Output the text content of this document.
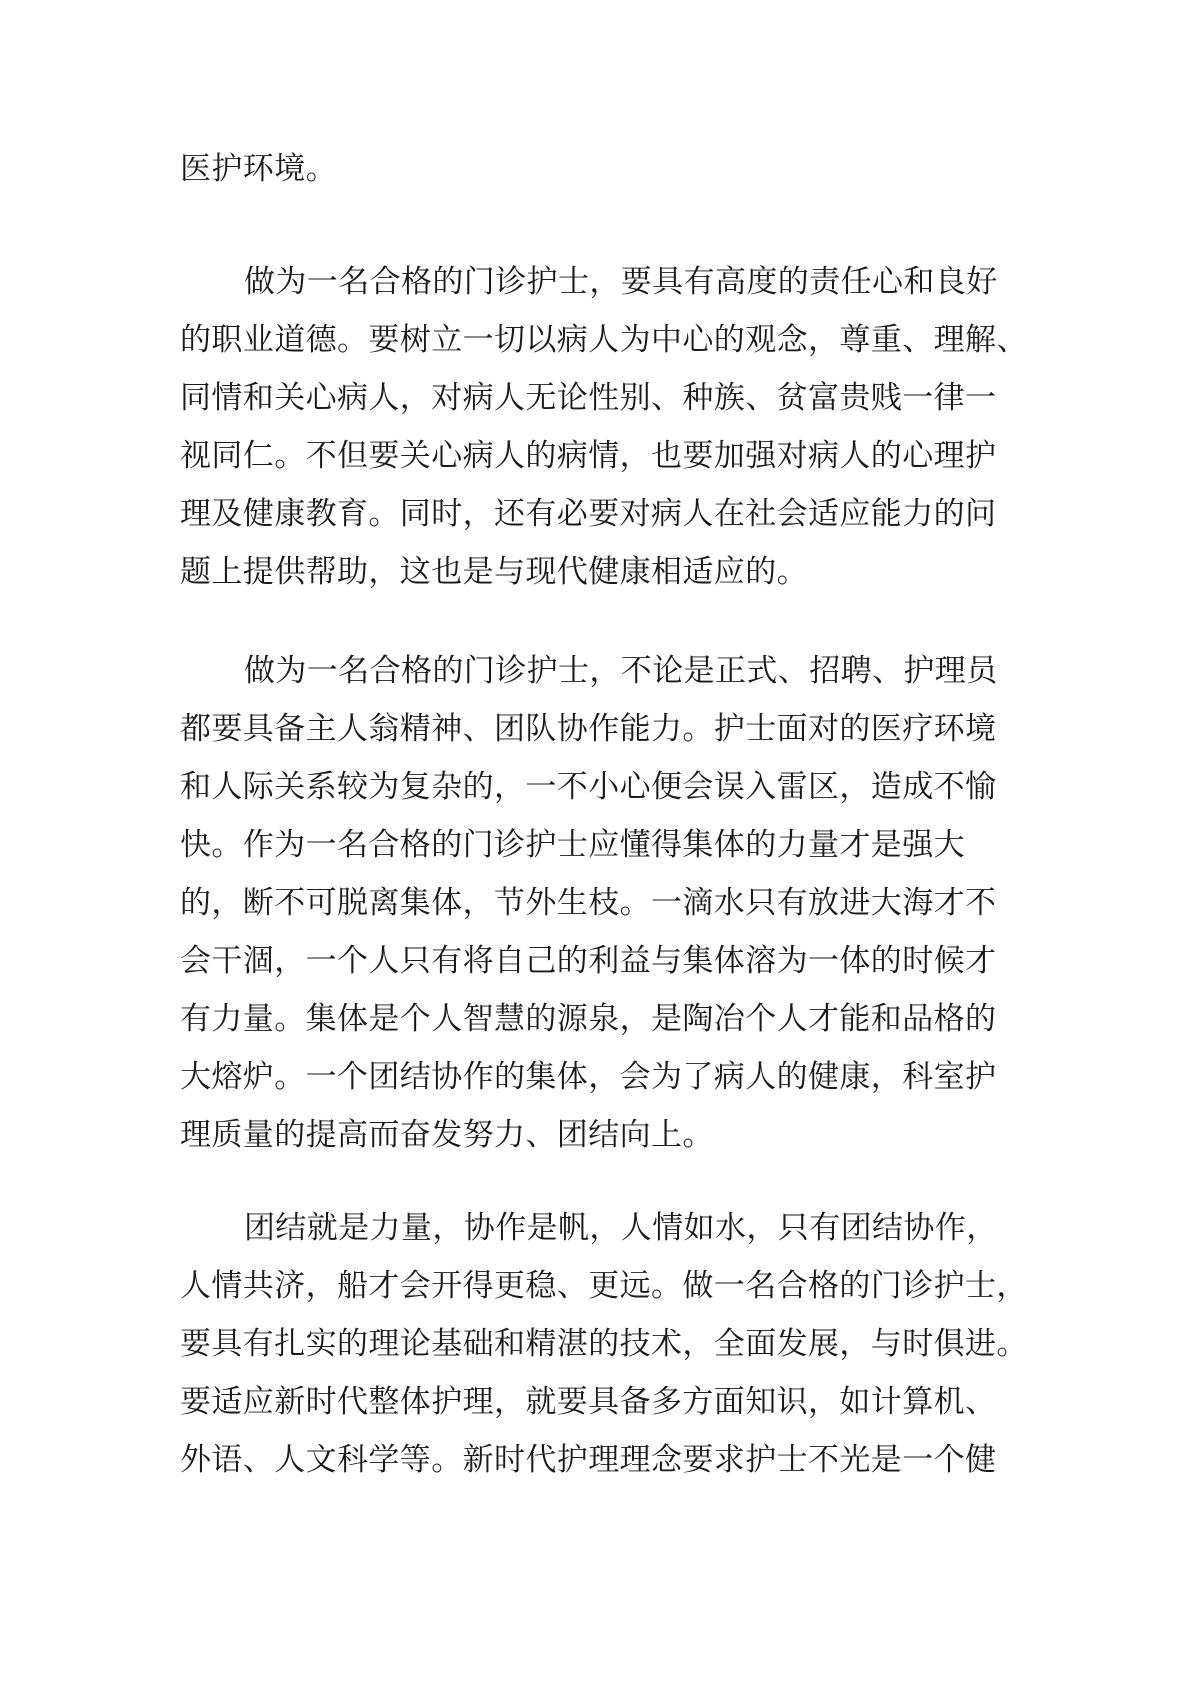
医护环境。
做为一名合格的门诊护士，要具有高度的责任心和良好
的职业道德。要树立一切以病人为中心的观念，尊重、理解、
同情和关心病人，对病人无论性别、种族、贫富贵贱一律一
视同仁。不但要关心病人的病情，也要加强对病人的心理护
理及健康教育。同时，还有必要对病人在社会适应能力的问
题上提供帮助，这也是与现代健康相适应的。
做为一名合格的门诊护士，不论是正式、招聘、护理员
都要具备主人翁精神、团队协作能力。护士面对的医疗环境
和人际关系较为复杂的，一不小心便会误入雷区，造成不愉
快。作为一名合格的门诊护士应懂得集体的力量才是强大
的，断不可脱离集体，节外生枝。一滴水只有放进大海才不
会干涸，一个人只有将自己的利益与集体溶为一体的时候才
有力量。集体是个人智慧的源泉，是陶冶个人才能和品格的
大熔炉。一个团结协作的集体，会为了病人的健康，科室护
理质量的提高而奋发努力、团结向上。
团结就是力量，协作是帆，人情如水，只有团结协作，
人情共济，船才会开得更稳、更远。做一名合格的门诊护士，
要具有扎实的理论基础和精湛的技术，全面发展，与时俱进。
要适应新时代整体护理，就要具备多方面知识，如计算机、
外语、人文科学等。新时代护理理念要求护士不光是一个健
